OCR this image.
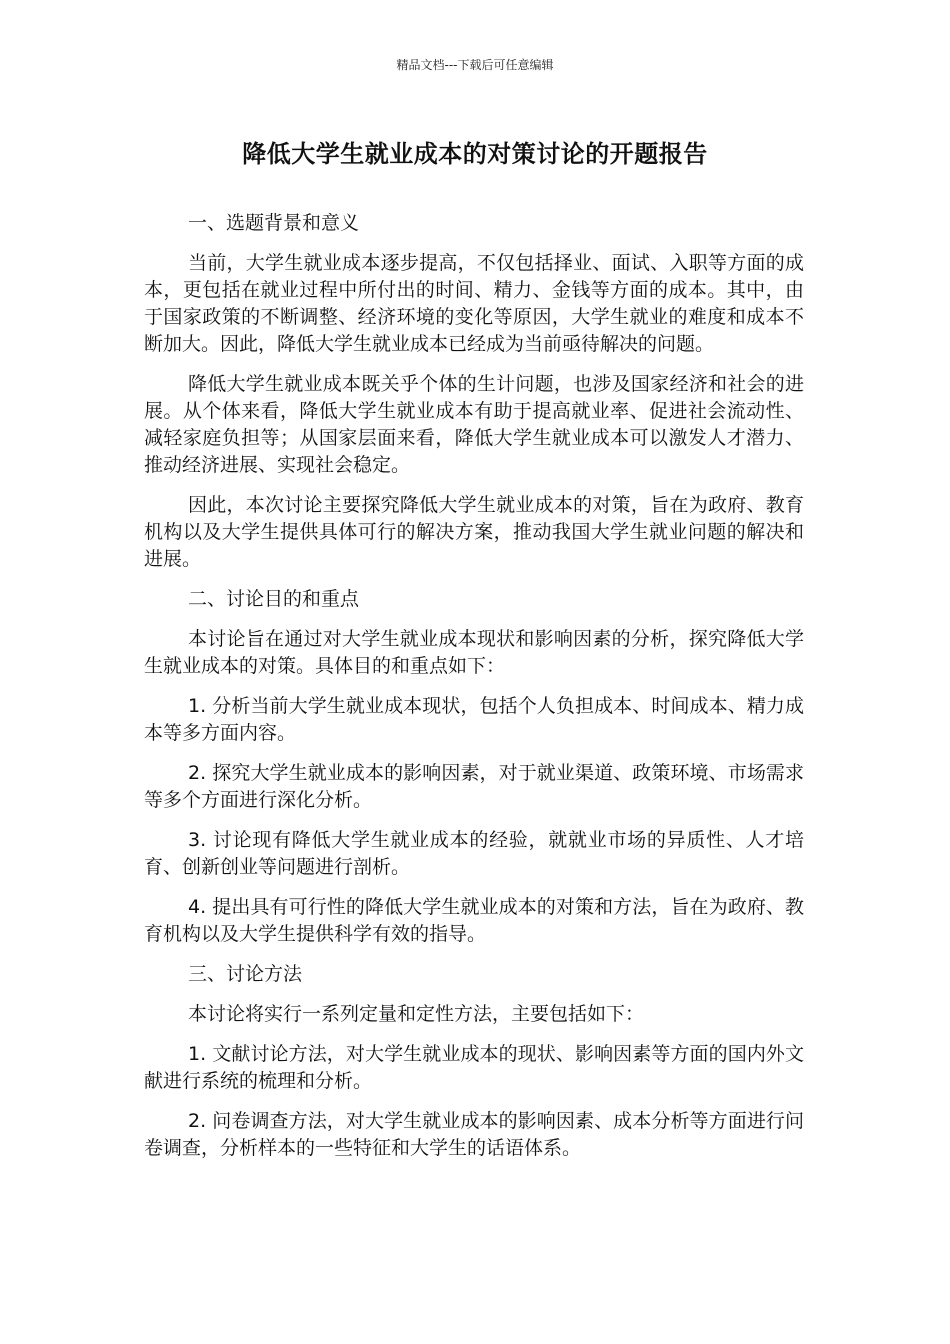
精品文档---下载后可任意编辑
降低大学生就业成本的对策讨论的开题报告

一、选题背景和意义

当前，大学生就业成本逐步提高，不仅包括择业、面试、入职等方面的成本，更包括在就业过程中所付出的时间、精力、金钱等方面的成本。其中，由于国家政策的不断调整、经济环境的变化等原因，大学生就业的难度和成本不断加大。因此，降低大学生就业成本已经成为当前亟待解决的问题。

降低大学生就业成本既关乎个体的生计问题，也涉及国家经济和社会的进展。从个体来看，降低大学生就业成本有助于提高就业率、促进社会流动性、减轻家庭负担等；从国家层面来看，降低大学生就业成本可以激发人才潜力、推动经济进展、实现社会稳定。

因此，本次讨论主要探究降低大学生就业成本的对策，旨在为政府、教育机构以及大学生提供具体可行的解决方案，推动我国大学生就业问题的解决和进展。

二、讨论目的和重点

本讨论旨在通过对大学生就业成本现状和影响因素的分析，探究降低大学生就业成本的对策。具体目的和重点如下：

1. 分析当前大学生就业成本现状，包括个人负担成本、时间成本、精力成本等多方面内容。

2. 探究大学生就业成本的影响因素，对于就业渠道、政策环境、市场需求等多个方面进行深化分析。

3. 讨论现有降低大学生就业成本的经验，就就业市场的异质性、人才培育、创新创业等问题进行剖析。

4. 提出具有可行性的降低大学生就业成本的对策和方法，旨在为政府、教育机构以及大学生提供科学有效的指导。

三、讨论方法

本讨论将实行一系列定量和定性方法，主要包括如下：

1. 文献讨论方法，对大学生就业成本的现状、影响因素等方面的国内外文献进行系统的梳理和分析。

2. 问卷调查方法，对大学生就业成本的影响因素、成本分析等方面进行问卷调查，分析样本的一些特征和大学生的话语体系。
